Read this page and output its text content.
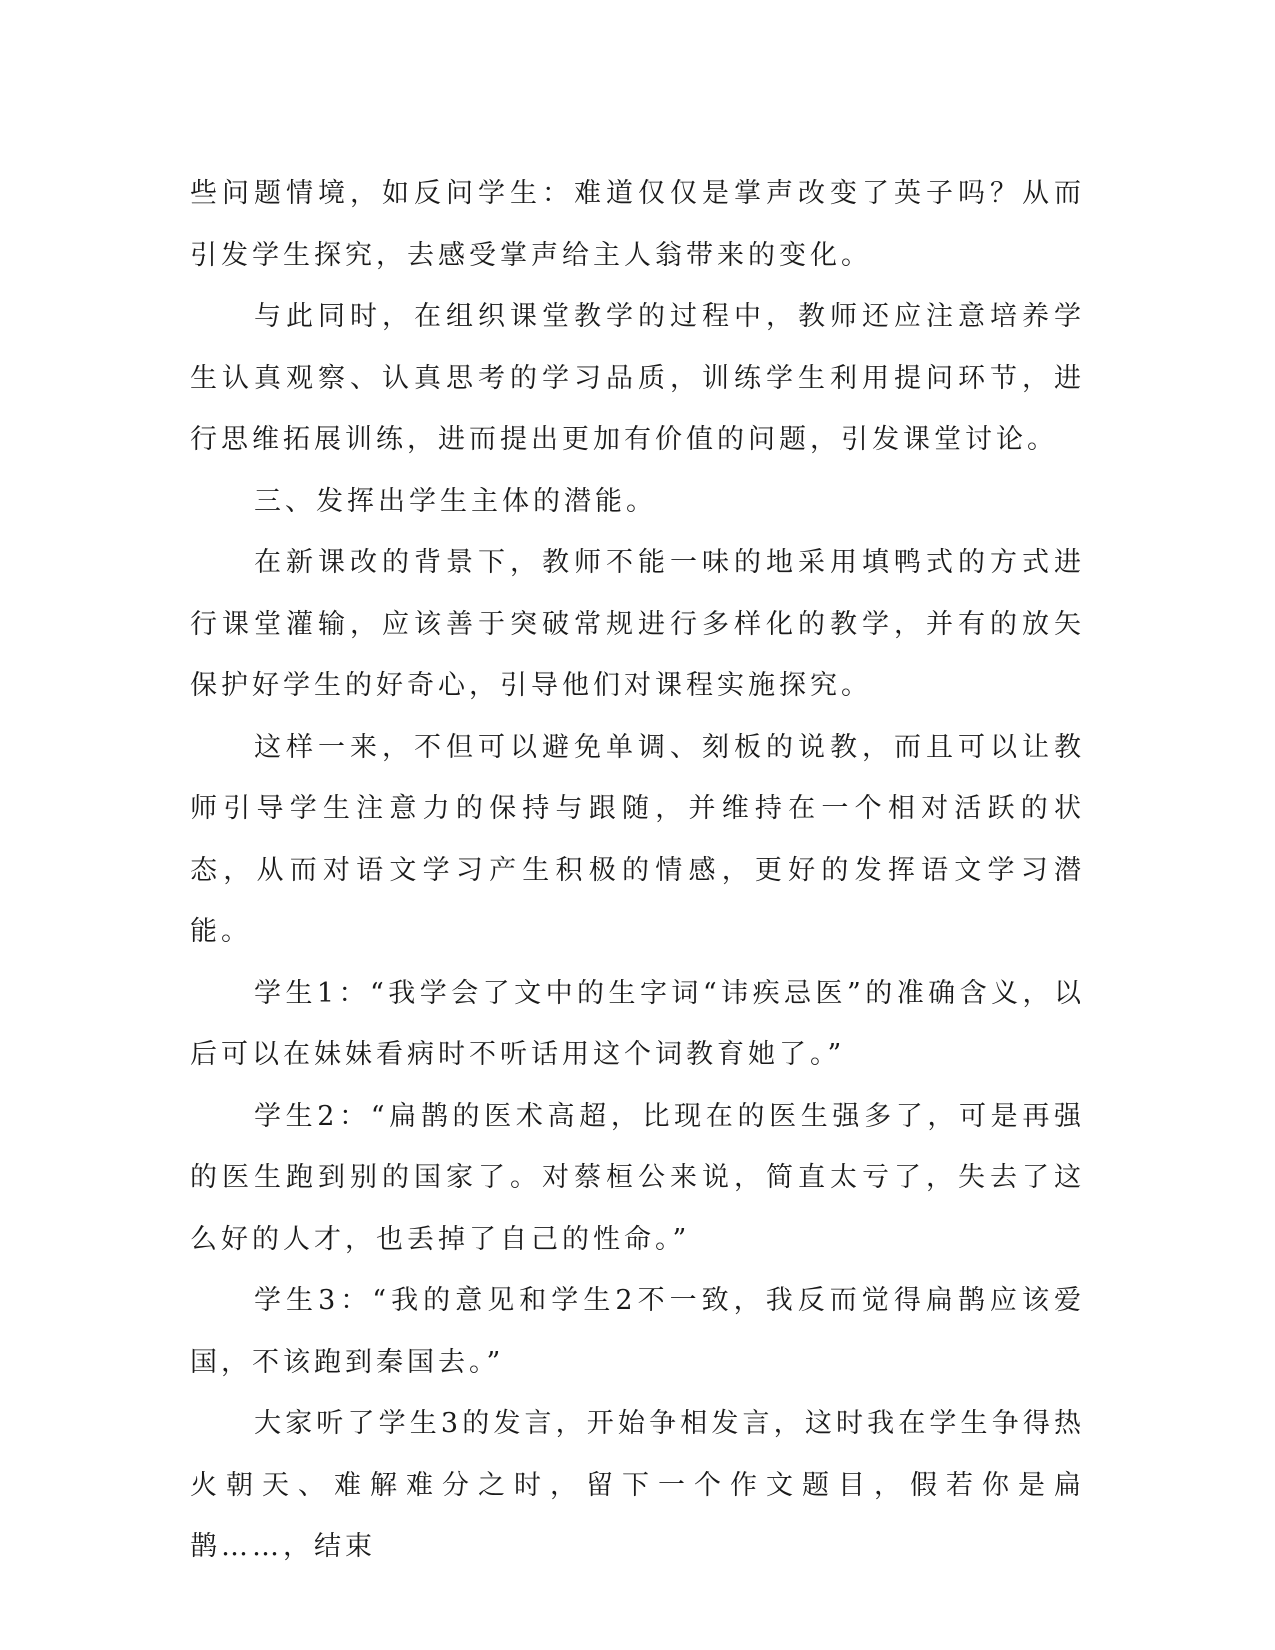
些问题情境，如反问学生：难道仅仅是掌声改变了英子吗？从而引发学生探究，去感受掌声给主人翁带来的变化。

与此同时，在组织课堂教学的过程中，教师还应注意培养学生认真观察、认真思考的学习品质，训练学生利用提问环节，进行思维拓展训练，进而提出更加有价值的问题，引发课堂讨论。

三、发挥出学生主体的潜能。

在新课改的背景下，教师不能一味的地采用填鸭式的方式进行课堂灌输，应该善于突破常规进行多样化的教学，并有的放矢保护好学生的好奇心，引导他们对课程实施探究。

这样一来，不但可以避免单调、刻板的说教，而且可以让教师引导学生注意力的保持与跟随，并维持在一个相对活跃的状态，从而对语文学习产生积极的情感，更好的发挥语文学习潜能。

学生1：“我学会了文中的生字词“讳疾忌医”的准确含义，以后可以在妹妹看病时不听话用这个词教育她了。”

学生2：“扁鹊的医术高超，比现在的医生强多了，可是再强的医生跑到别的国家了。对蔡桓公来说，简直太亏了，失去了这么好的人才，也丢掉了自己的性命。”

学生3：“我的意见和学生2不一致，我反而觉得扁鹊应该爱国，不该跑到秦国去。”

大家听了学生3的发言，开始争相发言，这时我在学生争得热火朝天、难解难分之时，留下一个作文题目，假若你是扁鹊……，结束
